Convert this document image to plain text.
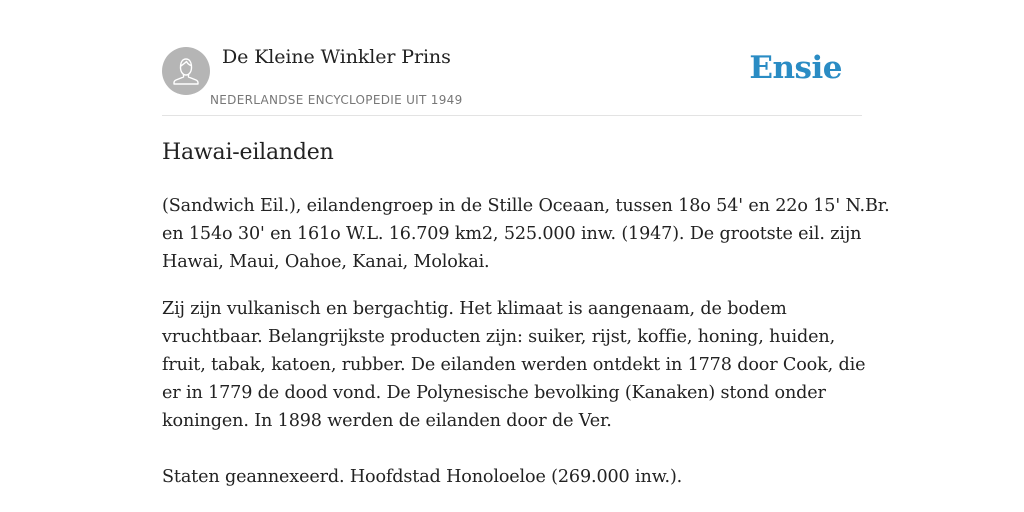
De Kleine Winkler Prins
NEDERLANDSE ENCYCLOPEDIE UIT 1949
Ensie
Hawai-eilanden

(Sandwich Eil.), eilandengroep in de Stille Oceaan, tussen 18o 54' en 22o 15' N.Br.
en 154o 30' en 161o W.L. 16.709 km2, 525.000 inw. (1947). De grootste eil. zijn
Hawai, Maui, Oahoe, Kanai, Molokai.

Zij zijn vulkanisch en bergachtig. Het klimaat is aangenaam, de bodem
vruchtbaar. Belangrijkste producten zijn: suiker, rijst, koffie, honing, huiden,
fruit, tabak, katoen, rubber. De eilanden werden ontdekt in 1778 door Cook, die
er in 1779 de dood vond. De Polynesische bevolking (Kanaken) stond onder
koningen. In 1898 werden de eilanden door de Ver.

Staten geannexeerd. Hoofdstad Honoloeloe (269.000 inw.).
